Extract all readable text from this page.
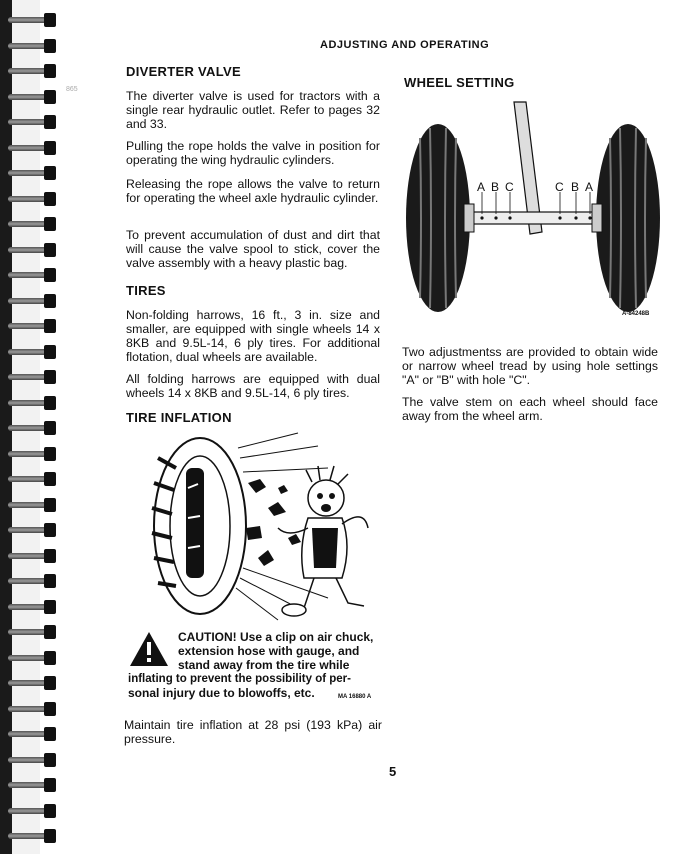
865
ADJUSTING AND OPERATING
DIVERTER VALVE

The diverter valve is used for tractors with a single rear hydraulic outlet. Refer to pages 32 and 33.

Pulling the rope holds the valve in position for operating the wing hydraulic cylinders.

Releasing the rope allows the valve to return for operating the wheel axle hydraulic cylinder.

To prevent accumulation of dust and dirt that will cause the valve spool to stick, cover the valve assembly with a heavy plastic bag.

TIRES

Non-folding harrows, 16 ft., 3 in. size and smaller, are equipped with single wheels 14 x 8KB and 9.5L-14, 6 ply tires. For additional flotation, dual wheels are available.

All folding harrows are equipped with dual wheels 14 x 8KB and 9.5L-14, 6 ply tires.

TIRE INFLATION
CAUTION! Use a clip on air chuck,
extension hose with gauge, and
stand away from the tire while
inflating to prevent the possibility of per-
sonal injury due to blowoffs, etc.	MA 16880 A

Maintain tire inflation at 28 psi (193 kPa) air pressure.

WHEEL SETTING
A B C	C B A
A-84248B

Two adjustmentss are provided to obtain wide or narrow wheel tread by using hole settings "A" or "B" with hole "C".

The valve stem on each wheel should face away from the wheel arm.

5
